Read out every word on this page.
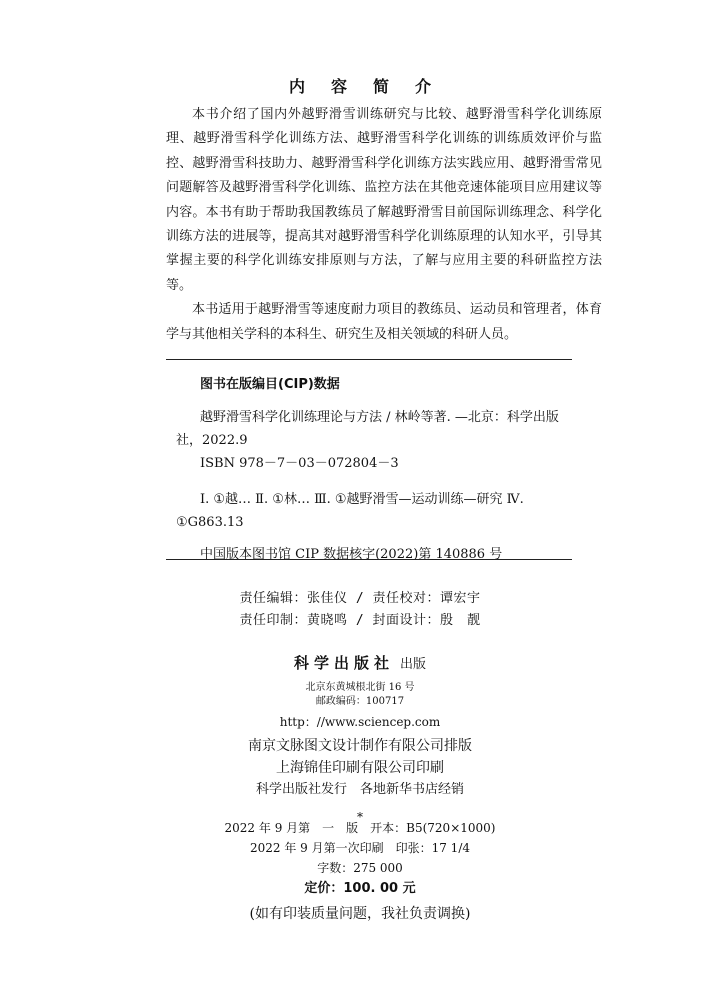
内容简介

本书介绍了国内外越野滑雪训练研究与比较、越野滑雪科学化训练原理、越野滑雪科学化训练方法、越野滑雪科学化训练的训练质效评价与监控、越野滑雪科技助力、越野滑雪科学化训练方法实践应用、越野滑雪常见问题解答及越野滑雪科学化训练、监控方法在其他竞速体能项目应用建议等内容。本书有助于帮助我国教练员了解越野滑雪目前国际训练理念、科学化训练方法的进展等，提高其对越野滑雪科学化训练原理的认知水平，引导其掌握主要的科学化训练安排原则与方法，了解与应用主要的科研监控方法等。

本书适用于越野滑雪等速度耐力项目的教练员、运动员和管理者，体育学与其他相关学科的本科生、研究生及相关领域的科研人员。

图书在版编目(CIP)数据
越野滑雪科学化训练理论与方法 / 林岭等著. —北京：科学出版社，2022.9
ISBN 978－7－03－072804－3
Ⅰ. ①越… Ⅱ. ①林… Ⅲ. ①越野滑雪—运动训练—研究 Ⅳ. ①G863.13
中国版本图书馆 CIP 数据核字(2022)第 140886 号
责任编辑：张佳仪 / 责任校对：谭宏宇
责任印制：黄晓鸣 / 封面设计：殷　靓
科学出版社 出版
北京东黄城根北街 16 号
邮政编码：100717
http：//www.sciencep.com
南京文脉图文设计制作有限公司排版
上海锦佳印刷有限公司印刷
科学出版社发行　各地新华书店经销
*
2022 年 9 月第　一　版　开本：B5(720×1000)
2022 年 9 月第一次印刷　印张：17 1/4
字数：275 000
定价：100. 00 元
(如有印装质量问题，我社负责调换)
